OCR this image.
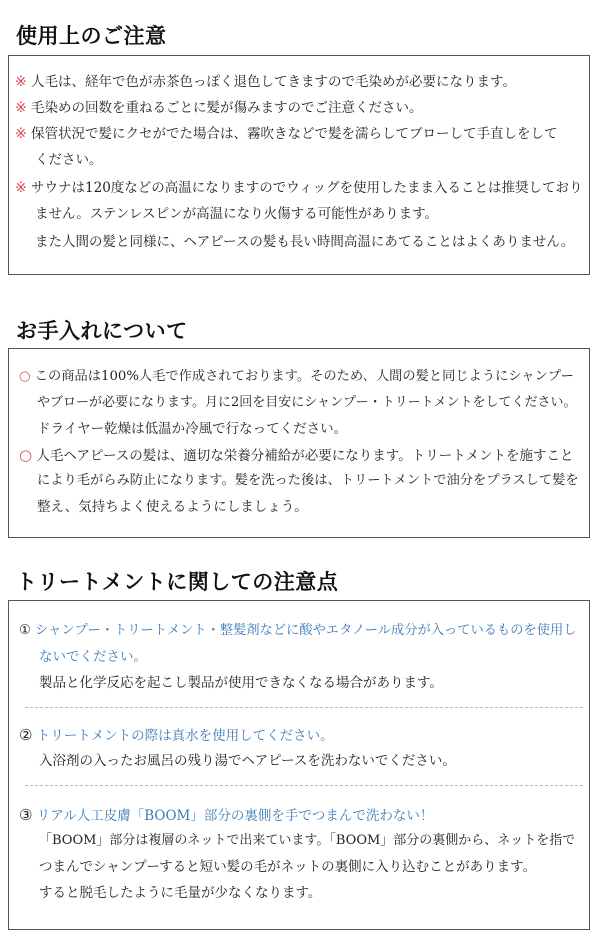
使用上のご注意
※ 人毛は、経年で色が赤茶色っぽく退色してきますので毛染めが必要になります。
※ 毛染めの回数を重ねるごとに髪が傷みますのでご注意ください。
※ 保管状況で髪にクセがでた場合は、霧吹きなどで髪を濡らしてブローして手直しをして
ください。
※ サウナは120度などの高温になりますのでウィッグを使用したまま入ることは推奨しており
ません。ステンレスピンが高温になり火傷する可能性があります。
また人間の髪と同様に、ヘアピースの髪も長い時間高温にあてることはよくありません。
お手入れについて
○ この商品は100%人毛で作成されております。そのため、人間の髪と同じようにシャンプー
やブローが必要になります。月に2回を目安にシャンプー・トリートメントをしてください。
ドライヤー乾燥は低温か冷風で行なってください。
○ 人毛ヘアピースの髪は、適切な栄養分補給が必要になります。トリートメントを施すこと
により毛がらみ防止になります。髪を洗った後は、トリートメントで油分をプラスして髪を
整え、気持ちよく使えるようにしましょう。
トリートメントに関しての注意点
① シャンプー・トリートメント・整髪剤などに酸やエタノール成分が入っているものを使用し
ないでください。
製品と化学反応を起こし製品が使用できなくなる場合があります。
② トリートメントの際は真水を使用してください。
入浴剤の入ったお風呂の残り湯でヘアピースを洗わないでください。
③ リアル人工皮膚「BOOM」部分の裏側を手でつまんで洗わない！
「BOOM」部分は複層のネットで出来ています。「BOOM」部分の裏側から、ネットを指で
つまんでシャンプーすると短い髪の毛がネットの裏側に入り込むことがあります。
すると脱毛したように毛量が少なくなります。
